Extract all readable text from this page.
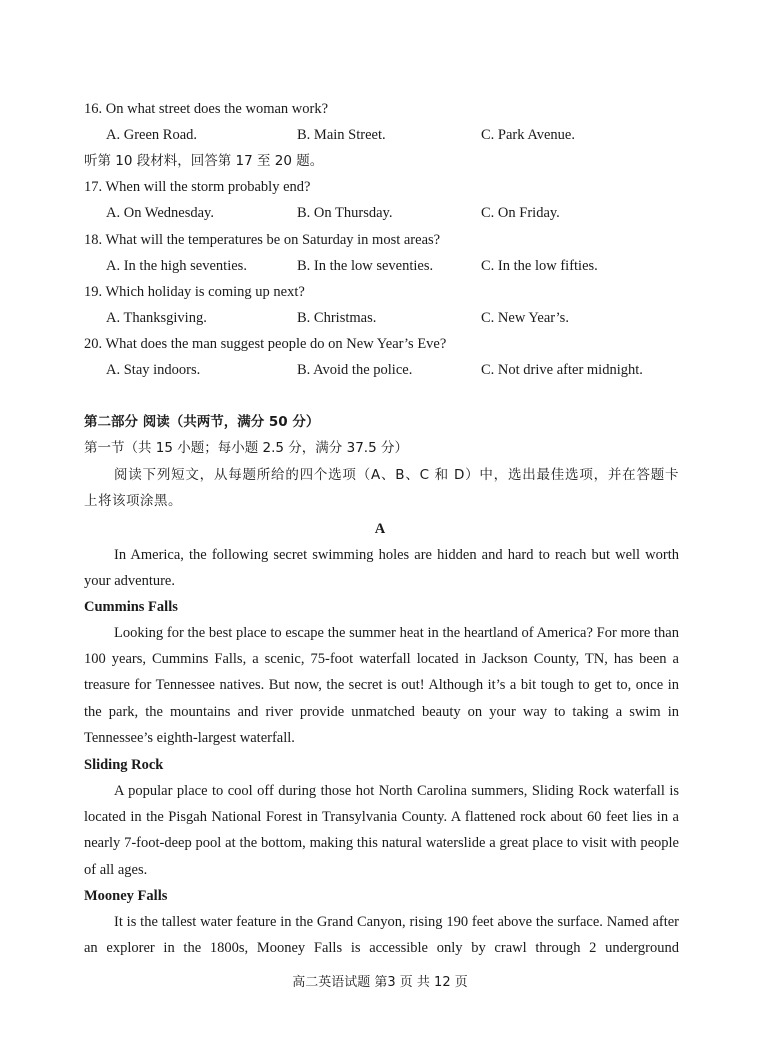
16. On what street does the woman work?
A. Green Road.	B. Main Street.	C. Park Avenue.
听第 10 段材料，回答第 17 至 20 题。
17. When will the storm probably end?
A. On Wednesday.	B. On Thursday.	C. On Friday.
18. What will the temperatures be on Saturday in most areas?
A. In the high seventies.	B. In the low seventies.	C. In the low fifties.
19. Which holiday is coming up next?
A. Thanksgiving.	B. Christmas.	C. New Year’s.
20. What does the man suggest people do on New Year’s Eve?
A. Stay indoors.	B. Avoid the police.	C. Not drive after midnight.
第二部分 阅读（共两节，满分 50 分）
第一节（共 15 小题；每小题 2.5 分，满分 37.5 分）
阅读下列短文，从每题所给的四个选项（A、B、C 和 D）中，选出最佳选项，并在答题卡上将该项涂黑。
A
In America, the following secret swimming holes are hidden and hard to reach but well worth your adventure.
Cummins Falls
Looking for the best place to escape the summer heat in the heartland of America? For more than 100 years, Cummins Falls, a scenic, 75-foot waterfall located in Jackson County, TN, has been a treasure for Tennessee natives. But now, the secret is out! Although it’s a bit tough to get to, once in the park, the mountains and river provide unmatched beauty on your way to taking a swim in Tennessee’s eighth-largest waterfall.
Sliding Rock
A popular place to cool off during those hot North Carolina summers, Sliding Rock waterfall is located in the Pisgah National Forest in Transylvania County. A flattened rock about 60 feet lies in a nearly 7-foot-deep pool at the bottom, making this natural waterslide a great place to visit with people of all ages.
Mooney Falls
It is the tallest water feature in the Grand Canyon, rising 190 feet above the surface. Named after an explorer in the 1800s, Mooney Falls is accessible only by crawl through 2 underground
高二英语试题 第3 页 共 12 页
